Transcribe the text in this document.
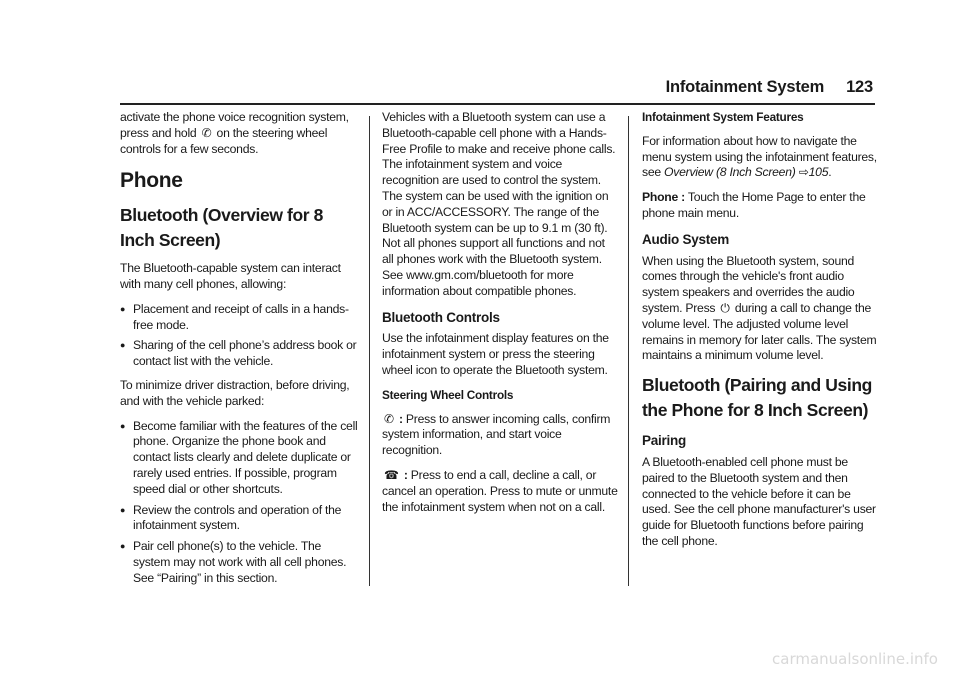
Infotainment System 123

activate the phone voice recognition system, press and hold ✆ on the steering wheel controls for a few seconds.

Phone
Bluetooth (Overview for 8 Inch Screen)

The Bluetooth-capable system can interact with many cell phones, allowing:

● Placement and receipt of calls in a hands-free mode.
● Sharing of the cell phone’s address book or contact list with the vehicle.

To minimize driver distraction, before driving, and with the vehicle parked:

● Become familiar with the features of the cell phone. Organize the phone book and contact lists clearly and delete duplicate or rarely used entries. If possible, program speed dial or other shortcuts.
● Review the controls and operation of the infotainment system.
● Pair cell phone(s) to the vehicle. The system may not work with all cell phones. See “Pairing” in this section.

Vehicles with a Bluetooth system can use a Bluetooth-capable cell phone with a Hands-Free Profile to make and receive phone calls. The infotainment system and voice recognition are used to control the system. The system can be used with the ignition on or in ACC/ACCESSORY. The range of the Bluetooth system can be up to 9.1 m (30 ft). Not all phones support all functions and not all phones work with the Bluetooth system. See www.gm.com/bluetooth for more information about compatible phones.

Bluetooth Controls

Use the infotainment display features on the infotainment system or press the steering wheel icon to operate the Bluetooth system.

Steering Wheel Controls

✆ : Press to answer incoming calls, confirm system information, and start voice recognition.

☎ : Press to end a call, decline a call, or cancel an operation. Press to mute or unmute the infotainment system when not on a call.

Infotainment System Features

For information about how to navigate the menu system using the infotainment features, see Overview (8 Inch Screen) ⇨105.

Phone : Touch the Home Page to enter the phone main menu.

Audio System

When using the Bluetooth system, sound comes through the vehicle's front audio system speakers and overrides the audio system. Press ⏻ during a call to change the volume level. The adjusted volume level remains in memory for later calls. The system maintains a minimum volume level.

Bluetooth (Pairing and Using the Phone for 8 Inch Screen)
Pairing

A Bluetooth-enabled cell phone must be paired to the Bluetooth system and then connected to the vehicle before it can be used. See the cell phone manufacturer's user guide for Bluetooth functions before pairing the cell phone.

carmanualsonline.info
